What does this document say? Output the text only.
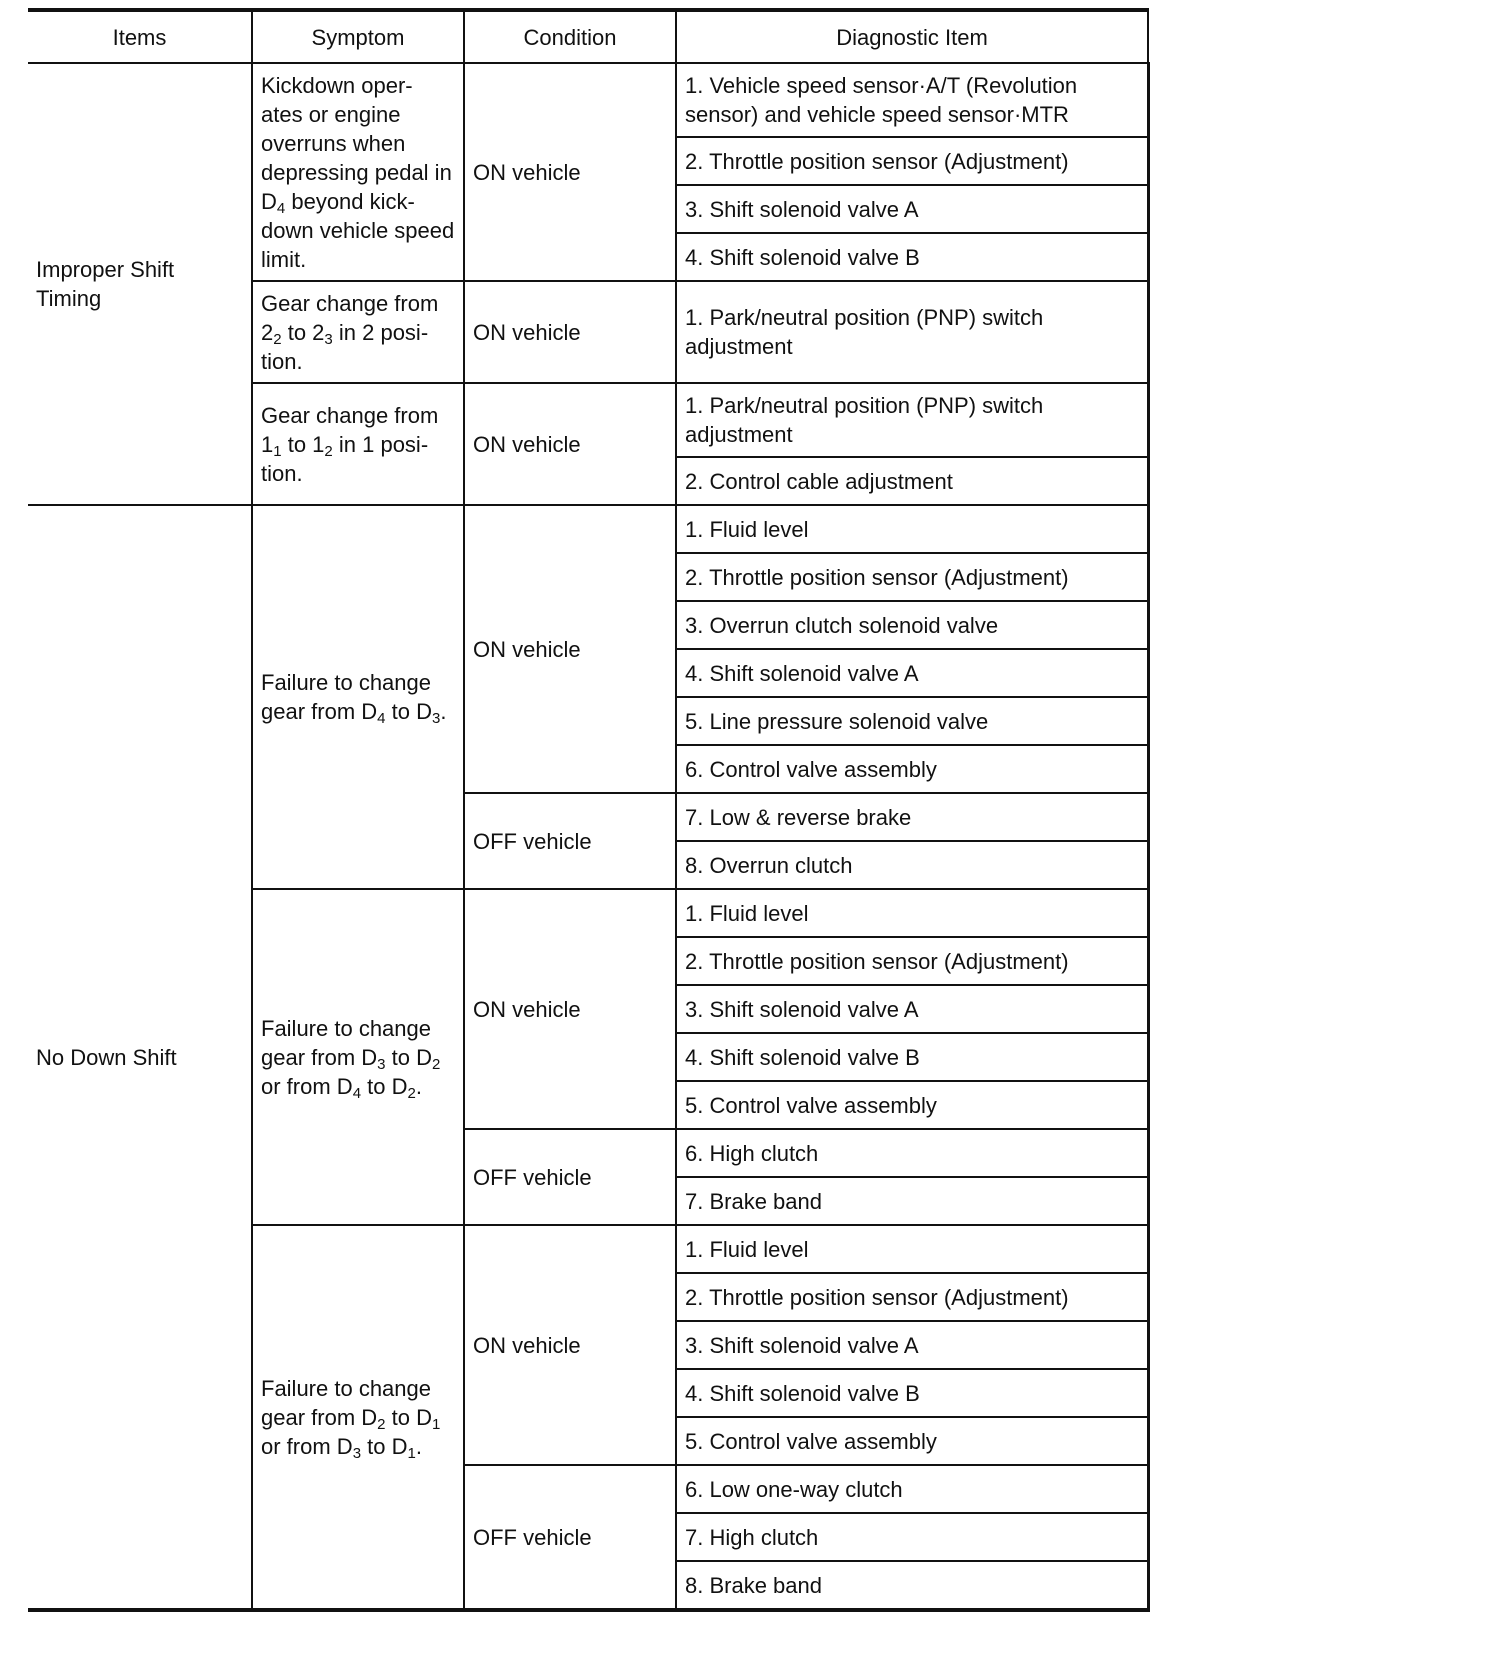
Items	Symptom	Condition	Diagnostic Item
Improper Shift Timing	Kickdown oper- ates or engine overruns when depressing pedal in $D_4$ beyond kick- down vehicle speed limit.	ON vehicle	1. Vehicle speed sensor·A/T (Revolution sensor) and vehicle speed sensor·MTR
			2. Throttle position sensor (Adjustment)
			3. Shift solenoid valve A
			4. Shift solenoid valve B
	Gear change from $2_2$ to $2_3$ in 2 posi- tion.	ON vehicle	1. Park/neutral position (PNP) switch adjustment
	Gear change from $1_1$ to $1_2$ in 1 posi- tion.	ON vehicle	1. Park/neutral position (PNP) switch adjustment
			2. Control cable adjustment
No Down Shift	Failure to change gear from $D_4$ to $D_3$.	ON vehicle	1. Fluid level
			2. Throttle position sensor (Adjustment)
			3. Overrun clutch solenoid valve
			4. Shift solenoid valve A
			5. Line pressure solenoid valve
			6. Control valve assembly
		OFF vehicle	7. Low & reverse brake
			8. Overrun clutch
	Failure to change gear from $D_3$ to $D_2$ or from $D_4$ to $D_2$.	ON vehicle	1. Fluid level
			2. Throttle position sensor (Adjustment)
			3. Shift solenoid valve A
			4. Shift solenoid valve B
			5. Control valve assembly
		OFF vehicle	6. High clutch
			7. Brake band
	Failure to change gear from $D_2$ to $D_1$ or from $D_3$ to $D_1$.	ON vehicle	1. Fluid level
			2. Throttle position sensor (Adjustment)
			3. Shift solenoid valve A
			4. Shift solenoid valve B
			5. Control valve assembly
		OFF vehicle	6. Low one-way clutch
			7. High clutch
			8. Brake band
